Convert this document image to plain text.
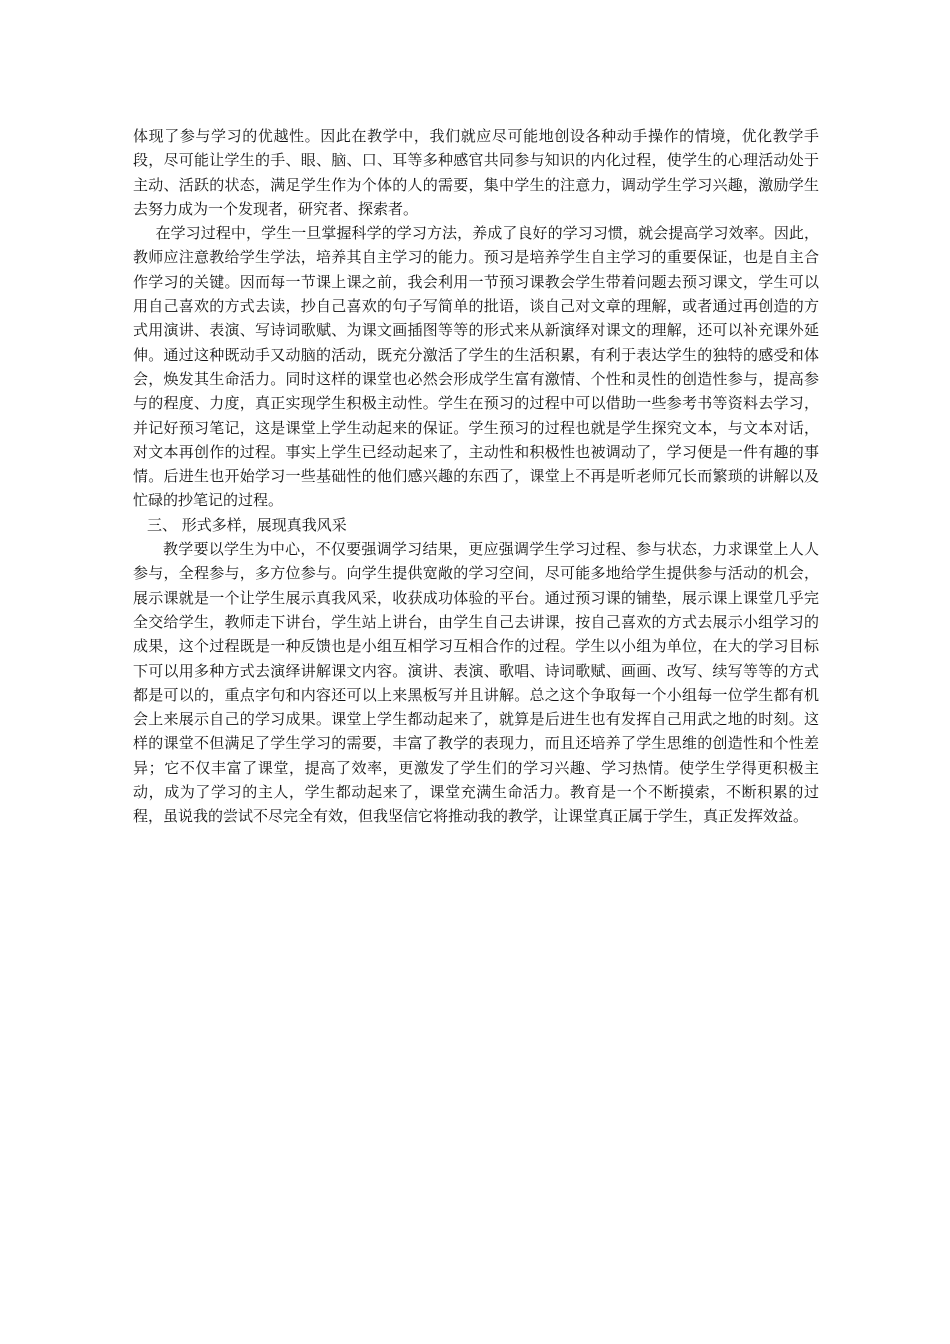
体现了参与学习的优越性。因此在教学中，我们就应尽可能地创设各种动手操作的情境，优化教学手段，尽可能让学生的手、眼、脑、口、耳等多种感官共同参与知识的内化过程，使学生的心理活动处于主动、活跃的状态，满足学生作为个体的人的需要，集中学生的注意力，调动学生学习兴趣，激励学生去努力成为一个发现者，研究者、探索者。

在学习过程中，学生一旦掌握科学的学习方法，养成了良好的学习习惯，就会提高学习效率。因此，教师应注意教给学生学法，培养其自主学习的能力。预习是培养学生自主学习的重要保证，也是自主合作学习的关键。因而每一节课上课之前，我会利用一节预习课教会学生带着问题去预习课文，学生可以用自己喜欢的方式去读，抄自己喜欢的句子写简单的批语，谈自己对文章的理解，或者通过再创造的方式用演讲、表演、写诗词歌赋、为课文画插图等等的形式来从新演绎对课文的理解，还可以补充课外延伸。通过这种既动手又动脑的活动，既充分激活了学生的生活积累，有利于表达学生的独特的感受和体会，焕发其生命活力。同时这样的课堂也必然会形成学生富有激情、个性和灵性的创造性参与，提高参与的程度、力度，真正实现学生积极主动性。学生在预习的过程中可以借助一些参考书等资料去学习，并记好预习笔记，这是课堂上学生动起来的保证。学生预习的过程也就是学生探究文本，与文本对话，对文本再创作的过程。事实上学生已经动起来了，主动性和积极性也被调动了，学习便是一件有趣的事情。后进生也开始学习一些基础性的他们感兴趣的东西了，课堂上不再是听老师冗长而繁琐的讲解以及忙碌的抄笔记的过程。

三、 形式多样，展现真我风采

教学要以学生为中心，不仅要强调学习结果，更应强调学生学习过程、参与状态，力求课堂上人人参与，全程参与，多方位参与。向学生提供宽敞的学习空间，尽可能多地给学生提供参与活动的机会，展示课就是一个让学生展示真我风采，收获成功体验的平台。通过预习课的铺垫，展示课上课堂几乎完全交给学生，教师走下讲台，学生站上讲台，由学生自己去讲课，按自己喜欢的方式去展示小组学习的成果，这个过程既是一种反馈也是小组互相学习互相合作的过程。学生以小组为单位，在大的学习目标下可以用多种方式去演绎讲解课文内容。演讲、表演、歌唱、诗词歌赋、画画、改写、续写等等的方式都是可以的，重点字句和内容还可以上来黑板写并且讲解。总之这个争取每一个小组每一位学生都有机会上来展示自己的学习成果。课堂上学生都动起来了，就算是后进生也有发挥自己用武之地的时刻。这样的课堂不但满足了学生学习的需要，丰富了教学的表现力，而且还培养了学生思维的创造性和个性差异；它不仅丰富了课堂，提高了效率，更激发了学生们的学习兴趣、学习热情。使学生学得更积极主动，成为了学习的主人，学生都动起来了，课堂充满生命活力。教育是一个不断摸索，不断积累的过程，虽说我的尝试不尽完全有效，但我坚信它将推动我的教学，让课堂真正属于学生，真正发挥效益。
